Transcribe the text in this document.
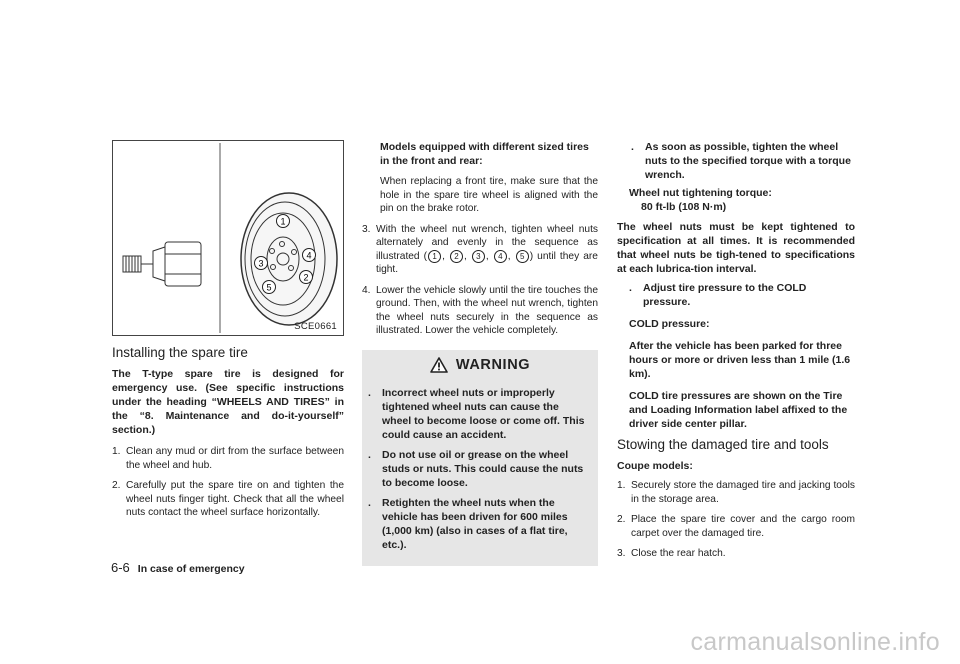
1
4
2
3
5
SCE0661
Installing the spare tire

The T-type spare tire is designed for emergency use. (See specific instructions under the heading “WHEELS AND TIRES” in the “8. Maintenance and do-it-yourself” section.)

1. Clean any mud or dirt from the surface between the wheel and hub.

2. Carefully put the spare tire on and tighten the wheel nuts finger tight. Check that all the wheel nuts contact the wheel surface horizontally.

Models equipped with different sized tires in the front and rear:

When replacing a front tire, make sure that the hole in the spare tire wheel is aligned with the pin on the brake rotor.

3. With the wheel nut wrench, tighten wheel nuts alternately and evenly in the sequence as illustrated ( 1 , 2 , 3 , 4 , 5 ) until they are tight.

4. Lower the vehicle slowly until the tire touches the ground. Then, with the wheel nut wrench, tighten the wheel nuts securely in the sequence as illustrated. Lower the vehicle completely.

WARNING
.	Incorrect wheel nuts or improperly tightened wheel nuts can cause the wheel to become loose or come off. This could cause an accident.
.	Do not use oil or grease on the wheel studs or nuts. This could cause the nuts to become loose.
.	Retighten the wheel nuts when the vehicle has been driven for 600 miles (1,000 km) (also in cases of a flat tire, etc.).
.	As soon as possible, tighten the wheel nuts to the specified torque with a torque wrench.

Wheel nut tightening torque:

80 ft-lb (108 N·m)

The wheel nuts must be kept tightened to specification at all times. It is recommended that wheel nuts be tigh-tened to specifications at each lubrica-tion interval.

.	Adjust tire pressure to the COLD pressure.

COLD pressure:

After the vehicle has been parked for three hours or more or driven less than 1 mile (1.6 km).

COLD tire pressures are shown on the Tire and Loading Information label affixed to the driver side center pillar.

Stowing the damaged tire and tools

Coupe models:

1. Securely store the damaged tire and jacking tools in the storage area.

2. Place the spare tire cover and the cargo room carpet over the damaged tire.

3. Close the rear hatch.

6-6 In case of emergency
carmanualsonline.info
